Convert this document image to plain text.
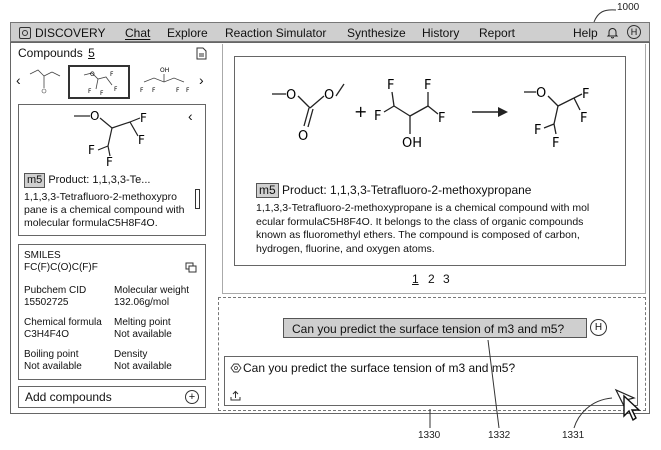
1000
DISCOVERY Chat Explore Reaction Simulator Synthesize History Report	Help	H
Compounds 5
‹	›
O	F
F
F F
OH
F F	F F
O	F
F
F
F
‹
m5 Product: 1,1,3,3-Te...
1,1,3,3-Tetrafluoro-2-methoxypro pane is a chemical compound with molecular formulaC5H8F4O.
SMILES
FC(F)C(O)C(F)F
Pubchem CID
15502725
Molecular weight
132.06g/mol
Chemical formula
C3H4F4O
Melting point
Not available
Boiling point
Not available
Density
Not available
Add compounds	+
O O
O
+ F
F
OH
F
F
O	F
F
F
F
m5 Product: 1,1,3,3-Tetrafluoro-2-methoxypropane
1,1,3,3-Tetrafluoro-2-methoxypropane is a chemical compound with mol ecular formulaC5H8F4O. It belongs to the class of organic compounds known as fluoromethyl ethers. The compound is composed of carbon, hydrogen, fluorine, and oxygen atoms.
1 2 3
Can you predict the surface tension of m3 and m5?	H
Can you predict the surface tension of m3 and m5?
1330	1332	1331
